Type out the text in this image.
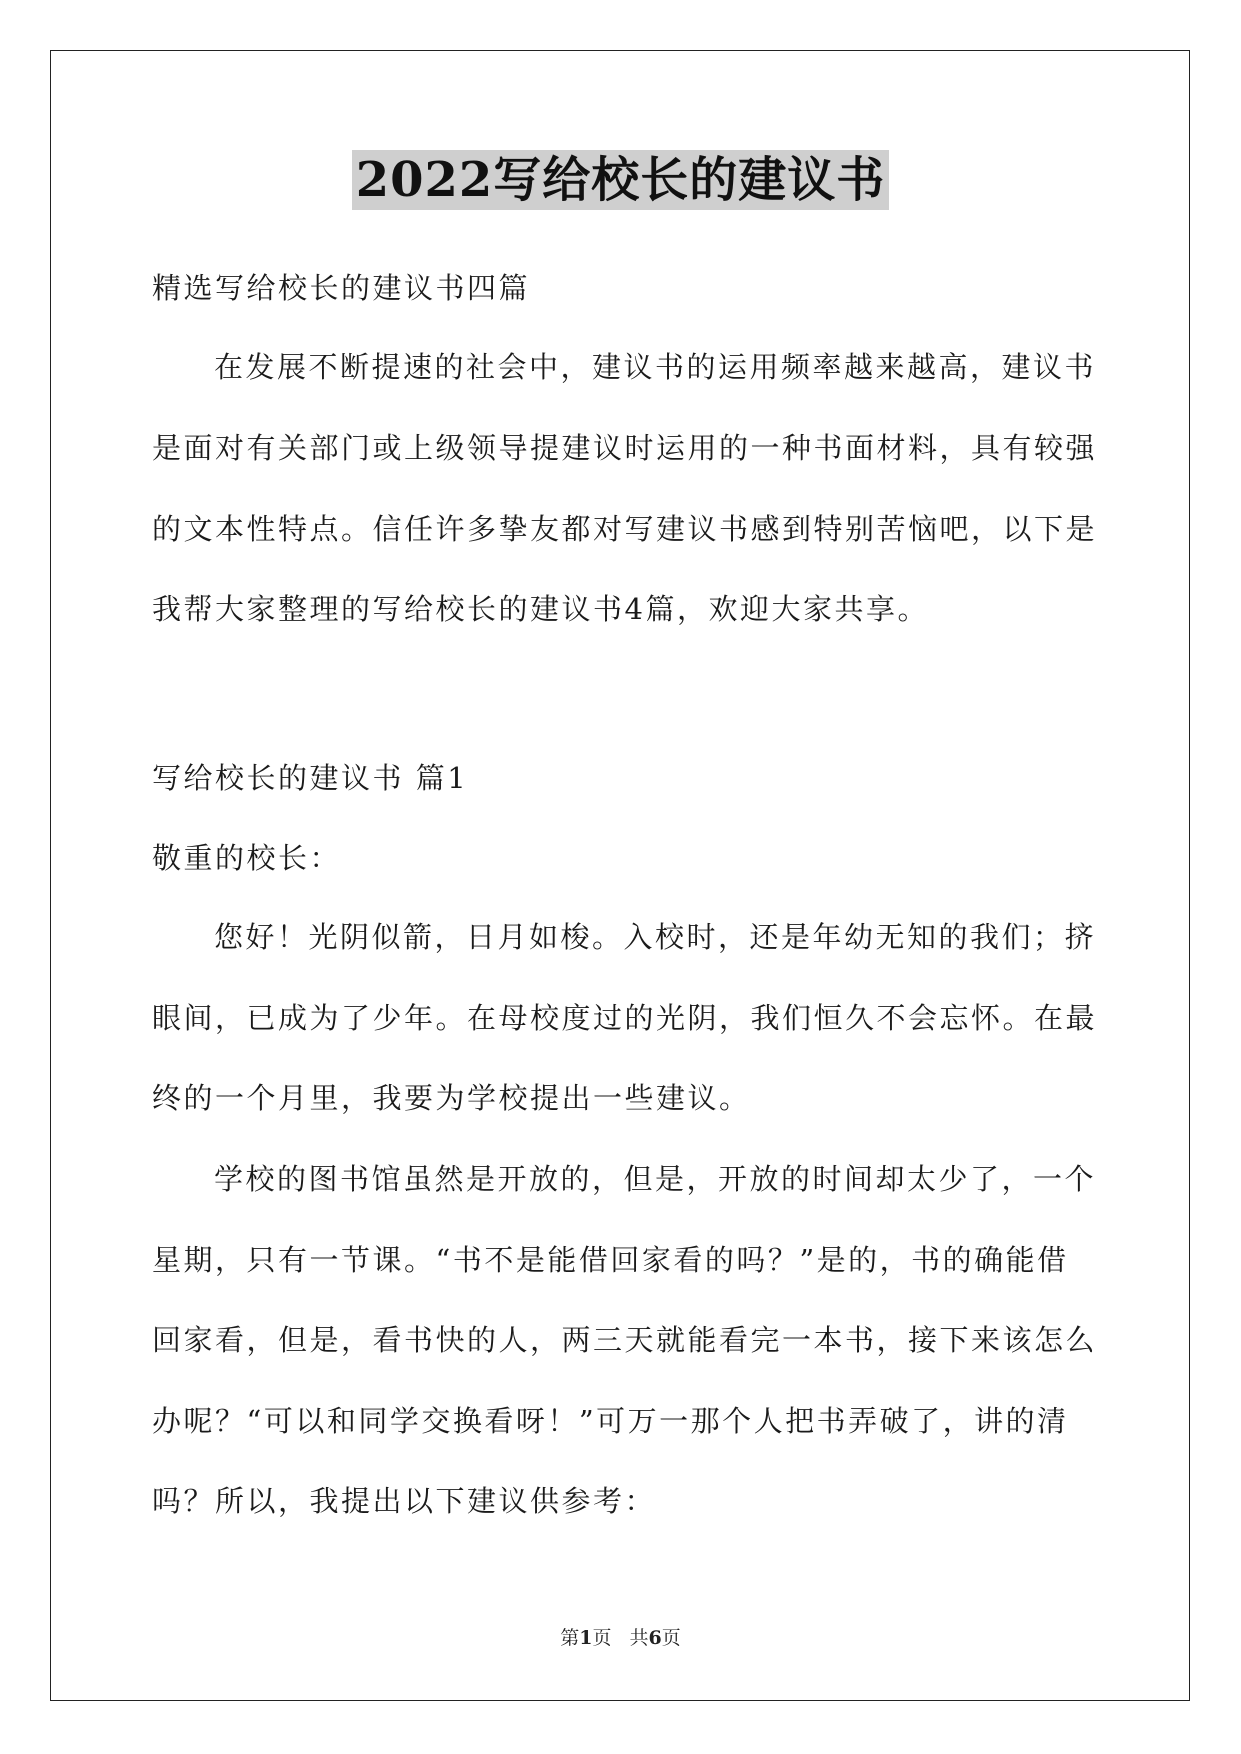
2022写给校长的建议书

精选写给校长的建议书四篇

在发展不断提速的社会中，建议书的运用频率越来越高，建议书

是面对有关部门或上级领导提建议时运用的一种书面材料，具有较强

的文本性特点。信任许多挚友都对写建议书感到特别苦恼吧，以下是

我帮大家整理的写给校长的建议书4篇，欢迎大家共享。

写给校长的建议书 篇1

敬重的校长：

您好！光阴似箭，日月如梭。入校时，还是年幼无知的我们；挤

眼间，已成为了少年。在母校度过的光阴，我们恒久不会忘怀。在最

终的一个月里，我要为学校提出一些建议。

学校的图书馆虽然是开放的，但是，开放的时间却太少了，一个

星期，只有一节课。“书不是能借回家看的吗？”是的，书的确能借

回家看，但是，看书快的人，两三天就能看完一本书，接下来该怎么

办呢？“可以和同学交换看呀！”可万一那个人把书弄破了，讲的清

吗？所以，我提出以下建议供参考：

第1页 共6页
